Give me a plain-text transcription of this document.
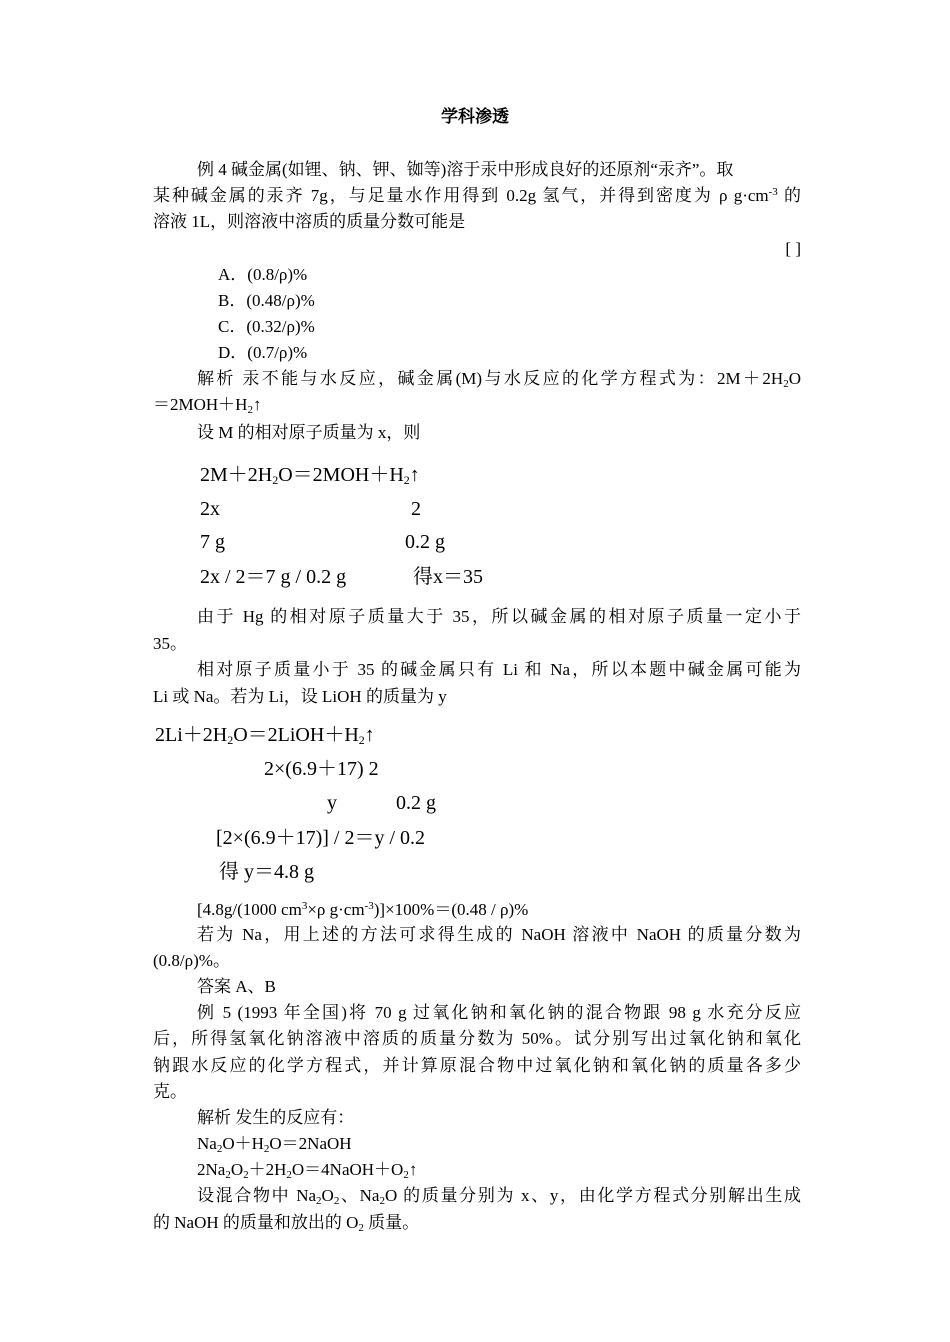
学科渗透
例 4 碱金属(如锂、钠、钾、铷等)溶于汞中形成良好的还原剂“汞齐”。取
某种碱金属的汞齐 7g，与足量水作用得到 0.2g 氢气，并得到密度为 ρ $g\cdot cm^{-3}$ 的
溶液 1L，则溶液中溶质的质量分数可能是
[ ]
A．(0.8/ρ)%
B．(0.48/ρ)%
C．(0.32/ρ)%
D．(0.7/ρ)%
解析 汞不能与水反应，碱金属(M)与水反应的化学方程式为：$2M+2H_2O$
$=2MOH+H_2↑$
设 M 的相对原子质量为 x，则
$2M+2H_2O=2MOH+H_2↑$
2x	2
7 g	0.2 g
2x / 2＝7 g / 0.2 g	得x＝35
由于 Hg 的相对原子质量大于 35，所以碱金属的相对原子质量一定小于
35。
相对原子质量小于 35 的碱金属只有 Li 和 Na，所以本题中碱金属可能为
Li 或 Na。若为 Li，设 LiOH 的质量为 y
$2Li+2H_2O=2LiOH+H_2↑$
2×(6.9＋17) 2
y	0.2 g
[2×(6.9＋17)] / 2＝y / 0.2
得 y＝4.8 g
[4.8g/(1000 $cm^3\times\rho$ $g\cdot cm^{-3})]\times 100\%=(0.48 / \rho)\%$
若为 Na，用上述的方法可求得生成的 NaOH 溶液中 NaOH 的质量分数为
(0.8/ρ)%。
答案 A、B
例 5 (1993 年全国)将 70 g 过氧化钠和氧化钠的混合物跟 98 g 水充分反应
后，所得氢氧化钠溶液中溶质的质量分数为 50%。试分别写出过氧化钠和氧化
钠跟水反应的化学方程式，并计算原混合物中过氧化钠和氧化钠的质量各多少
克。
解析 发生的反应有：
$Na_2O+H_2O=2NaOH$
$2Na_2O_2+2H_2O=4NaOH+O_2↑$
设混合物中 $Na_2O_2$、$Na_2O$ 的质量分别为 x、y，由化学方程式分别解出生成
的 NaOH 的质量和放出的 $O_2$ 质量。
